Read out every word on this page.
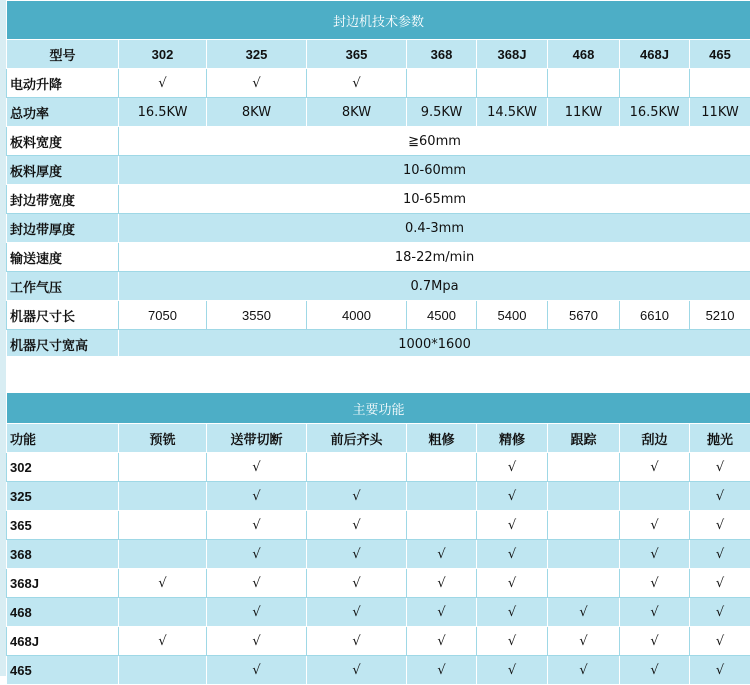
封边机技术参数								
型号	302	325	365	368	368J	468	468J	465
电动升降	√	√	√					
总功率	16.5KW	8KW	8KW	9.5KW	14.5KW	11KW	16.5KW	11KW
板料宽度	≧60mm							
板料厚度	10-60mm							
封边带宽度	10-65mm							
封边带厚度	0.4-3mm							
输送速度	18-22m/min							
工作气压	0.7Mpa							
机器尺寸长	7050	3550	4000	4500	5400	5670	6610	5210
机器尺寸宽高	1000*1600							
主要功能								
功能	预铣	送带切断	前后齐头	粗修	精修	跟踪	刮边	抛光
302		√			√		√	√
325		√	√		√			√
365		√	√		√		√	√
368		√	√	√	√		√	√
368J	√	√	√	√	√		√	√
468		√	√	√	√	√	√	√
468J	√	√	√	√	√	√	√	√
465		√	√	√	√	√	√	√
